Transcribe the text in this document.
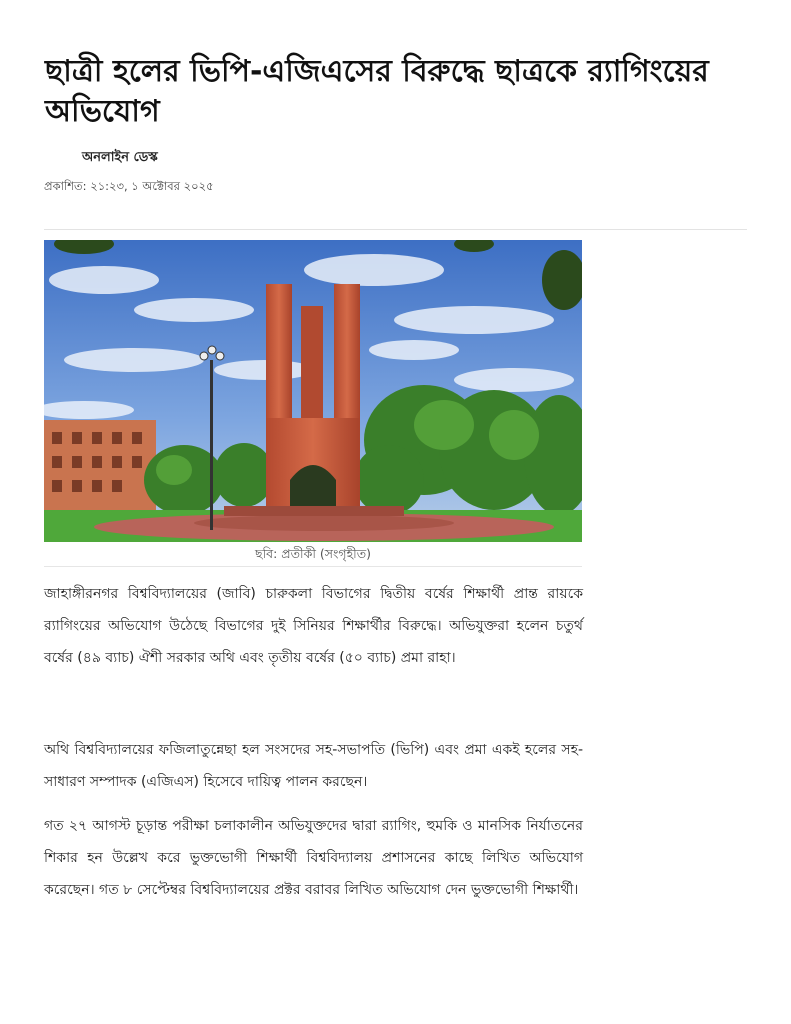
ছাত্রী হলের ভিপি-এজিএসের বিরুদ্ধে ছাত্রকে র‍্যাগিংয়ের অভিযোগ
অনলাইন ডেস্ক
প্রকাশিত: ২১:২৩, ১ অক্টোবর ২০২৫
ছবি: প্রতীকী (সংগৃহীত)

জাহাঙ্গীরনগর বিশ্ববিদ্যালয়ের (জাবি) চারুকলা বিভাগের দ্বিতীয় বর্ষের শিক্ষার্থী প্রান্ত রায়কে র‍্যাগিংয়ের অভিযোগ উঠেছে বিভাগের দুই সিনিয়র শিক্ষার্থীর বিরুদ্ধে। অভিযুক্তরা হলেন চতুর্থ বর্ষের (৪৯ ব্যাচ) ঐশী সরকার অথি এবং তৃতীয় বর্ষের (৫০ ব্যাচ) প্রমা রাহা।

অথি বিশ্ববিদ্যালয়ের ফজিলাতুন্নেছা হল সংসদের সহ-সভাপতি (ভিপি) এবং প্রমা একই হলের সহ-সাধারণ সম্পাদক (এজিএস) হিসেবে দায়িত্ব পালন করছেন।

গত ২৭ আগস্ট চূড়ান্ত পরীক্ষা চলাকালীন অভিযুক্তদের দ্বারা র‍্যাগিং, হুমকি ও মানসিক নির্যাতনের শিকার হন উল্লেখ করে ভুক্তভোগী শিক্ষার্থী বিশ্ববিদ্যালয় প্রশাসনের কাছে লিখিত অভিযোগ করেছেন। গত ৮ সেপ্টেম্বর বিশ্ববিদ্যালয়ের প্রক্টর বরাবর লিখিত অভিযোগ দেন ভুক্তভোগী শিক্ষার্থী।
